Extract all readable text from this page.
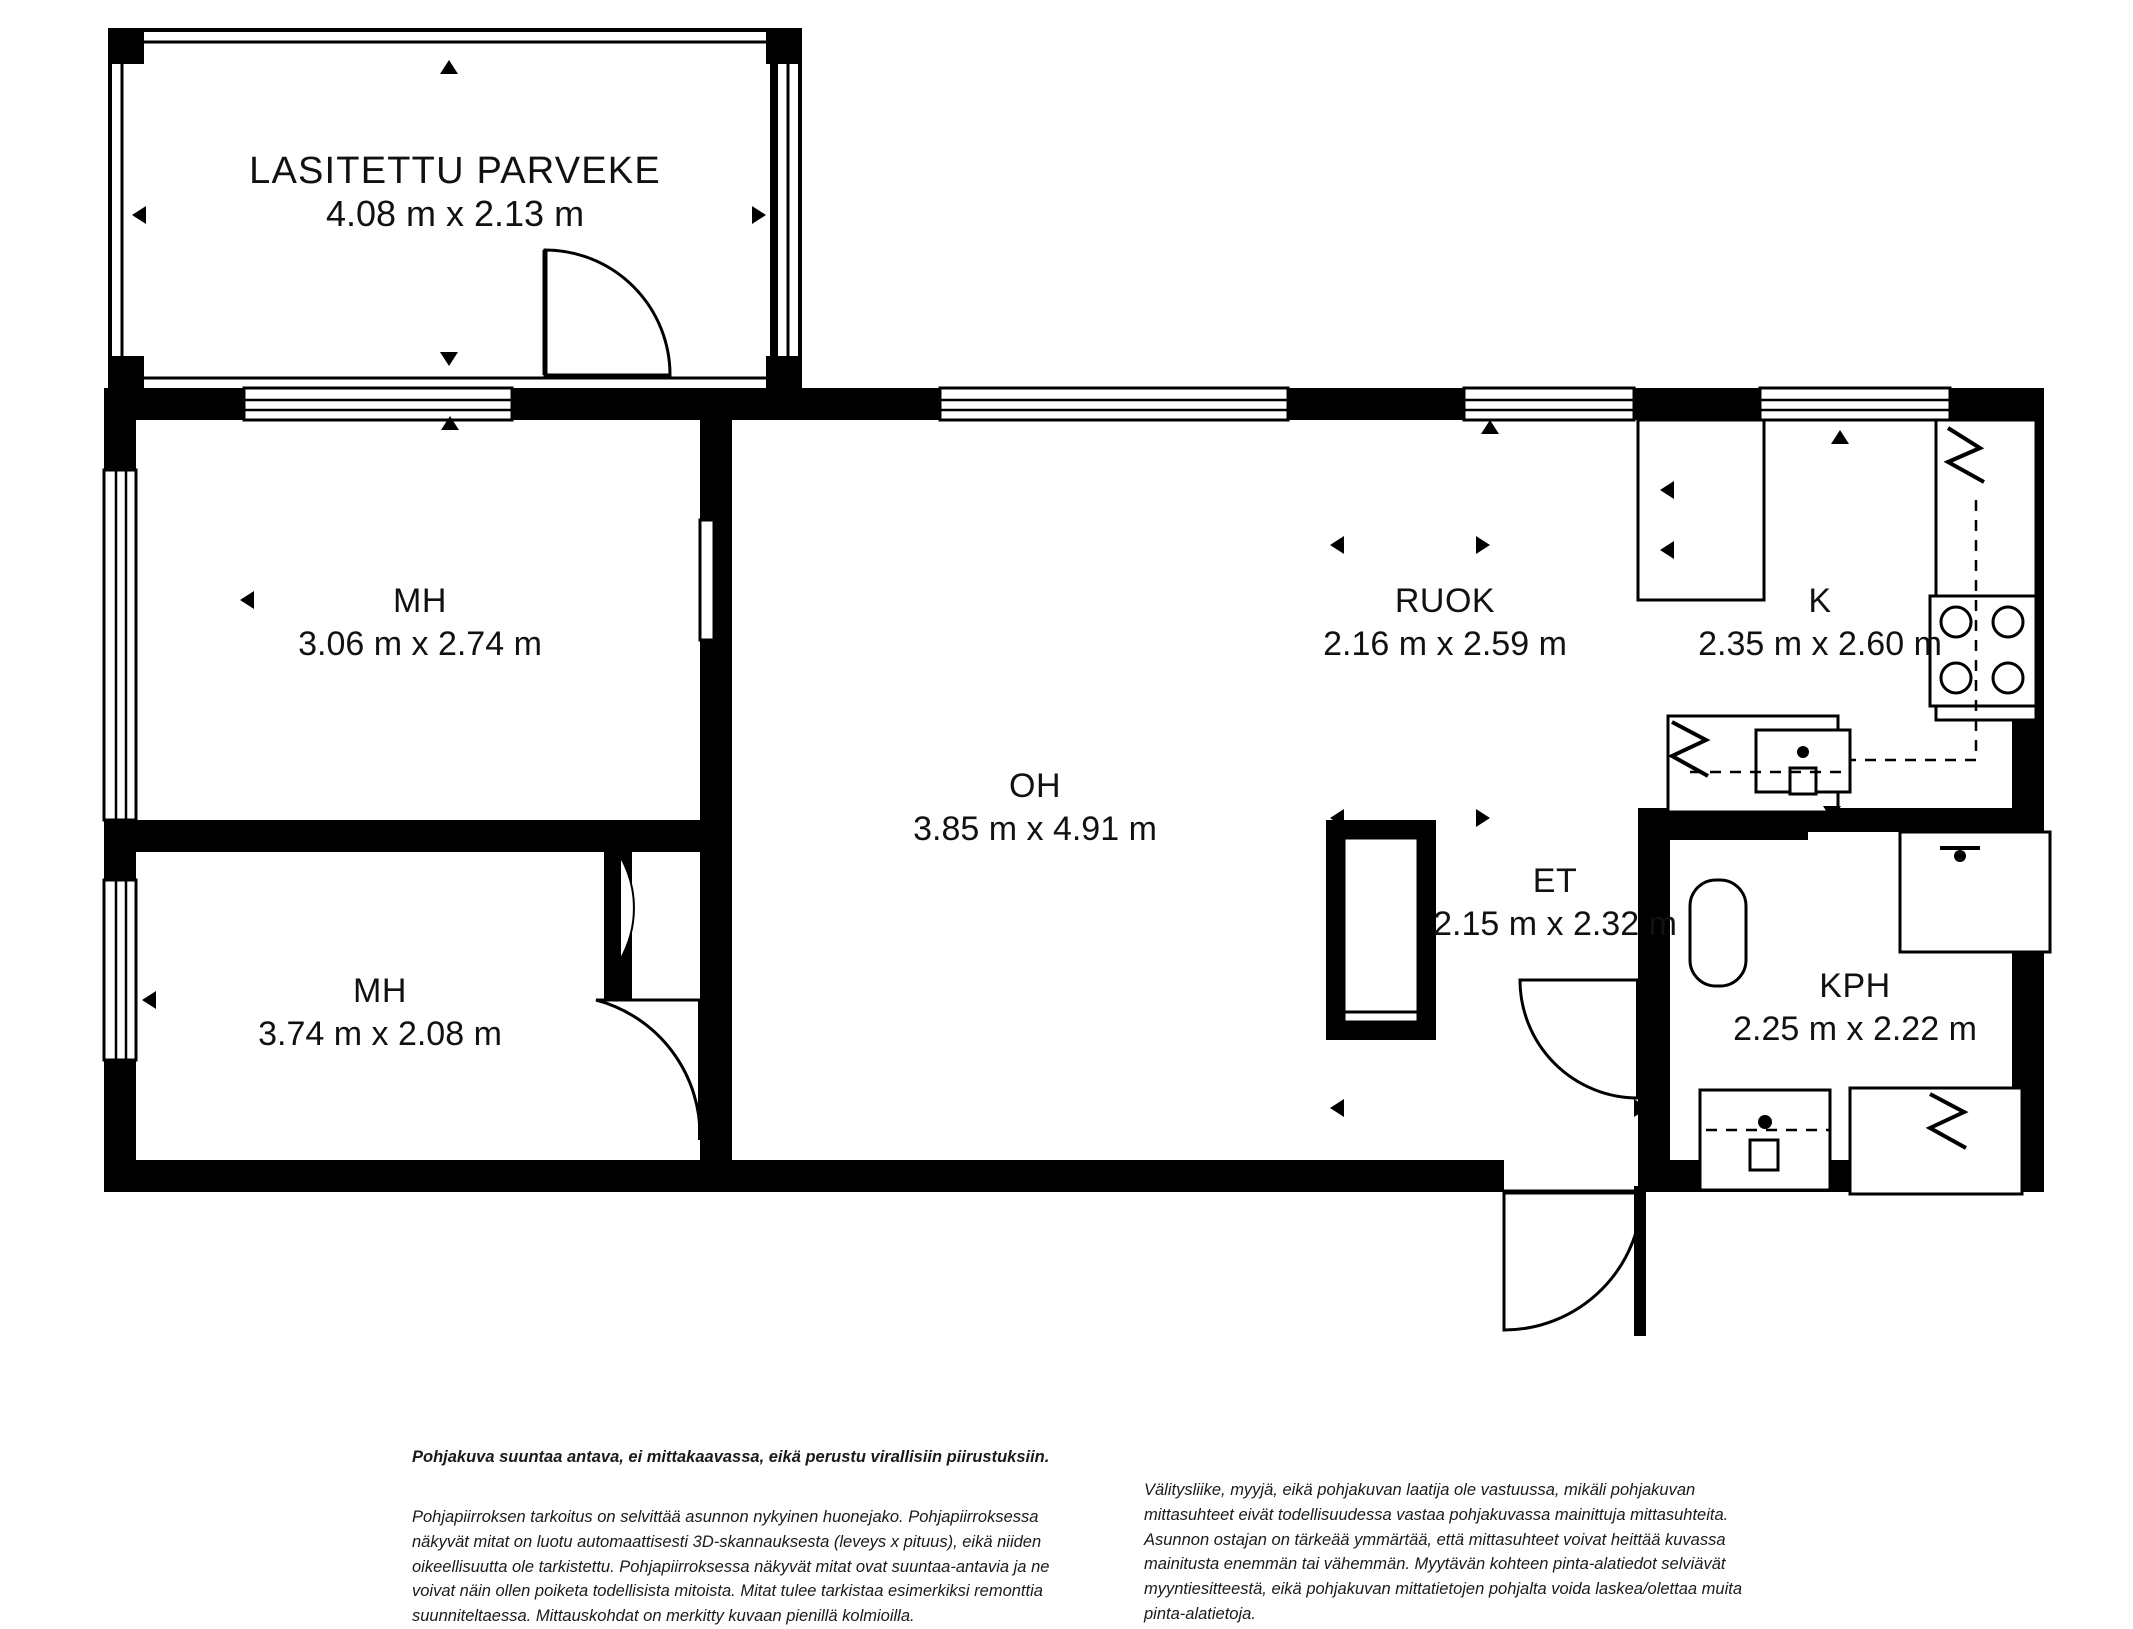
LASITETTU PARVEKE
4.08 m x 2.13 m
MH
3.06 m x 2.74 m
MH
3.74 m x 2.08 m
OH
3.85 m x 4.91 m
RUOK
2.16 m x 2.59 m
K
2.35 m x 2.60 m
ET
2.15 m x 2.32 m
KPH
2.25 m x 2.22 m
Pohjakuva suuntaa antava, ei mittakaavassa, eikä perustu virallisiin piirustuksiin.
Pohjapiirroksen tarkoitus on selvittää asunnon nykyinen huonejako. Pohjapiirroksessa näkyvät mitat on luotu automaattisesti 3D-skannauksesta (leveys x pituus), eikä niiden oikeellisuutta ole tarkistettu. Pohjapiirroksessa näkyvät mitat ovat suuntaa-antavia ja ne voivat näin ollen poiketa todellisista mitoista. Mitat tulee tarkistaa esimerkiksi remonttia suunniteltaessa. Mittauskohdat on merkitty kuvaan pienillä kolmioilla.
Välitysliike, myyjä, eikä pohjakuvan laatija ole vastuussa, mikäli pohjakuvan mittasuhteet eivät todellisuudessa vastaa pohjakuvassa mainittuja mittasuhteita. Asunnon ostajan on tärkeää ymmärtää, että mittasuhteet voivat heittää kuvassa mainitusta enemmän tai vähemmän. Myytävän kohteen pinta-alatiedot selviävät myyntiesitteestä, eikä pohjakuvan mittatietojen pohjalta voida laskea/olettaa muita pinta-alatietoja.
